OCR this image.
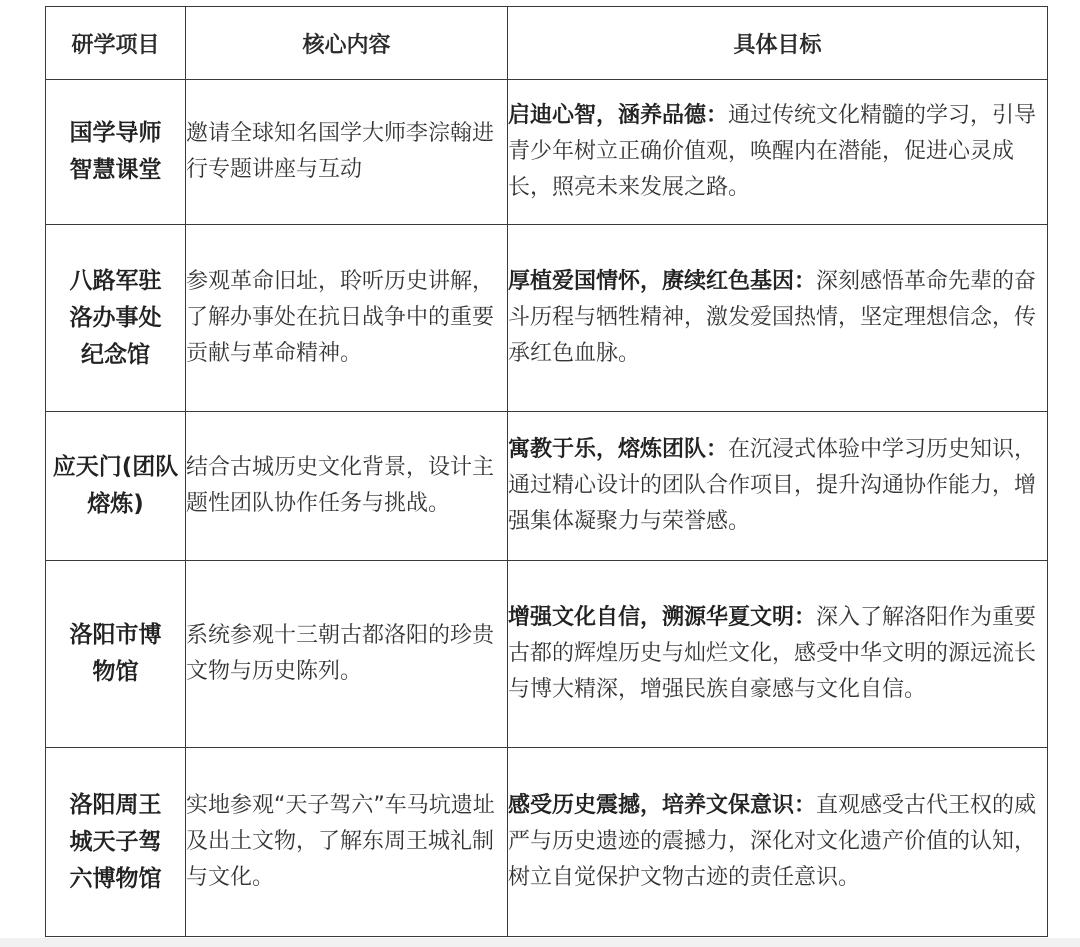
研学项目	核心内容	具体目标
国学导师智慧课堂	邀请全球知名国学大师李淙翰进行专题讲座与互动	启迪心智，涵养品德：通过传统文化精髓的学习，引导青少年树立正确价值观，唤醒内在潜能，促进心灵成长，照亮未来发展之路。
八路军驻洛办事处纪念馆	参观革命旧址，聆听历史讲解，了解办事处在抗日战争中的重要贡献与革命精神。	厚植爱国情怀，赓续红色基因：深刻感悟革命先辈的奋斗历程与牺牲精神，激发爱国热情，坚定理想信念，传承红色血脉。
应天门(团队熔炼)	结合古城历史文化背景，设计主题性团队协作任务与挑战。	寓教于乐，熔炼团队：在沉浸式体验中学习历史知识，通过精心设计的团队合作项目，提升沟通协作能力，增强集体凝聚力与荣誉感。
洛阳市博物馆	系统参观十三朝古都洛阳的珍贵文物与历史陈列。	增强文化自信，溯源华夏文明：深入了解洛阳作为重要古都的辉煌历史与灿烂文化，感受中华文明的源远流长与博大精深，增强民族自豪感与文化自信。
洛阳周王城天子驾六博物馆	实地参观“天子驾六”车马坑遗址及出土文物，了解东周王城礼制与文化。	感受历史震撼，培养文保意识：直观感受古代王权的威严与历史遗迹的震撼力，深化对文化遗产价值的认知，树立自觉保护文物古迹的责任意识。
